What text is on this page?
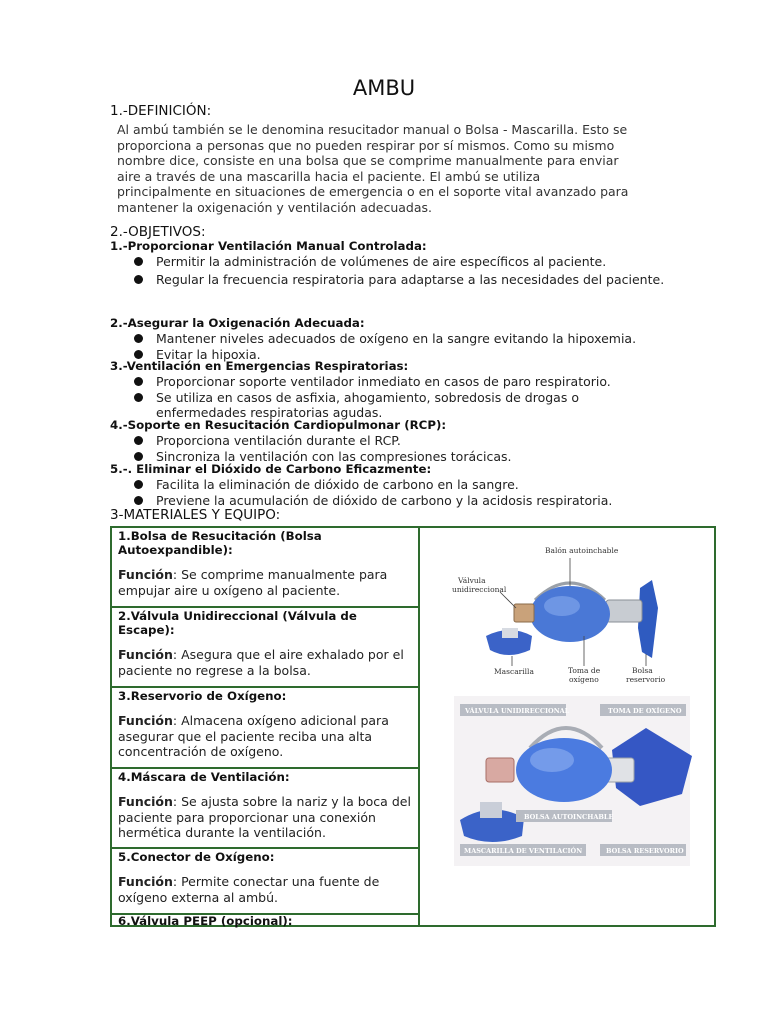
AMBU

1.-DEFINICIÓN:

Al ambú también se le denomina resucitador manual o Bolsa - Mascarilla. Esto se
proporciona a personas que no pueden respirar por sí mismos. Como su mismo
nombre dice, consiste en una bolsa que se comprime manualmente para enviar
aire a través de una mascarilla hacia el paciente. El ambú se utiliza
principalmente en situaciones de emergencia o en el soporte vital avanzado para
mantener la oxigenación y ventilación adecuadas.

2.-OBJETIVOS:

1.-Proporcionar Ventilación Manual Controlada:

Permitir la administración de volúmenes de aire específicos al paciente.
Regular la frecuencia respiratoria para adaptarse a las necesidades del paciente.

2.-Asegurar la Oxigenación Adecuada:

Mantener niveles adecuados de oxígeno en la sangre evitando la hipoxemia.
Evitar la hipoxia.

3.-Ventilación en Emergencias Respiratorias:

Proporcionar soporte ventilador inmediato en casos de paro respiratorio.
Se utiliza en casos de asfixia, ahogamiento, sobredosis de drogas o enfermedades respiratorias agudas.

4.-Soporte en Resucitación Cardiopulmonar (RCP):

Proporciona ventilación durante el RCP.
Sincroniza la ventilación con las compresiones torácicas.

5.-. Eliminar el Dióxido de Carbono Eficazmente:

Facilita la eliminación de dióxido de carbono en la sangre.
Previene la acumulación de dióxido de carbono y la acidosis respiratoria.

3-MATERIALES Y EQUIPO:

1.Bolsa de Resucitación (Bolsa Autoexpandible):

Función: Se comprime manualmente para empujar aire u oxígeno al paciente.

2.Válvula Unidireccional (Válvula de Escape):

Función: Asegura que el aire exhalado por el paciente no regrese a la bolsa.

3.Reservorio de Oxígeno:

Función: Almacena oxígeno adicional para asegurar que el paciente reciba una alta concentración de oxígeno.

4.Máscara de Ventilación:

Función: Se ajusta sobre la nariz y la boca del paciente para proporcionar una conexión hermética durante la ventilación.

5.Conector de Oxígeno:

Función: Permite conectar una fuente de oxígeno externa al ambú.

6.Válvula PEEP (opcional):

Balón autoinchable
Válvula
unidireccional
Mascarilla	Toma de
oxígeno
Bolsa
reservorio
VÁLVULA UNIDIRECCIONAL	TOMA DE OXÍGENO
BOLSA AUTOINCHABLE
MASCARILLA DE VENTILACIÓN	BOLSA RESERVORIO
